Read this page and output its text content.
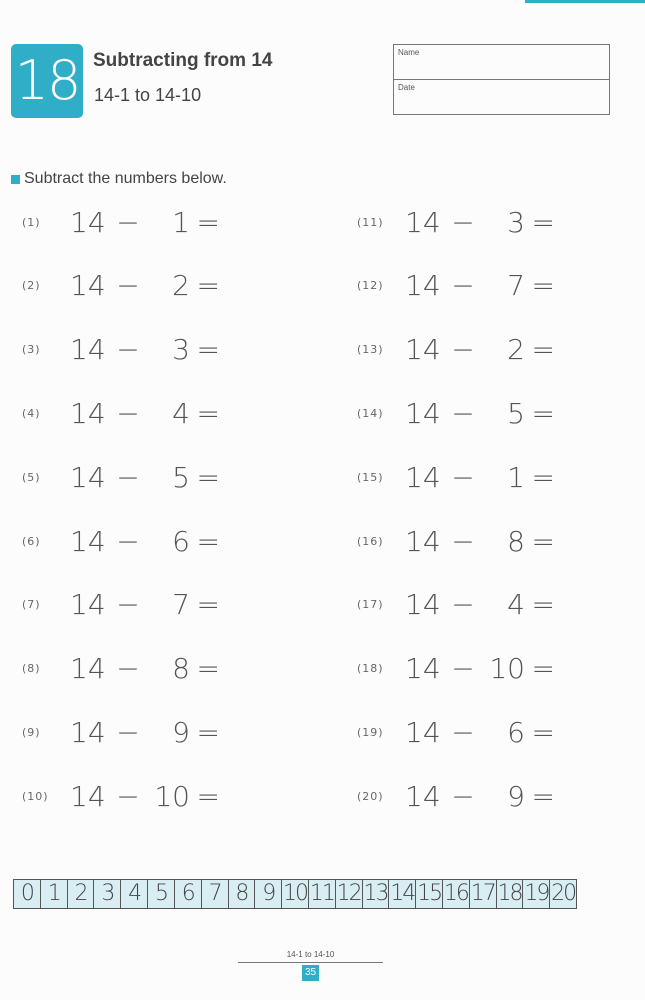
18 Subtracting from 14
14-1 to 14-10
Name
Date
Subtract the numbers below.
(1)	14 −	1 =
(2)	14 −	2 =
(3)	14 −	3 =
(4)	14 −	4 =
(5)	14 −	5 =
(6)	14 −	6 =
(7)	14 −	7 =
(8)	14 −	8 =
(9)	14 −	9 =
(10) 14 − 10 =
(11) 14 −	3 =
(12) 14 −	7 =
(13) 14 −	2 =
(14) 14 −	5 =
(15) 14 −	1 =
(16) 14 −	8 =
(17) 14 −	4 =
(18) 14 − 10 =
(19) 14 −	6 =
(20) 14 −	9 =
0 1 2 3 4 5 6 7 8 9 10 11 12 13 14 15 16 17 18 19 20
14-1 to 14-10
35
